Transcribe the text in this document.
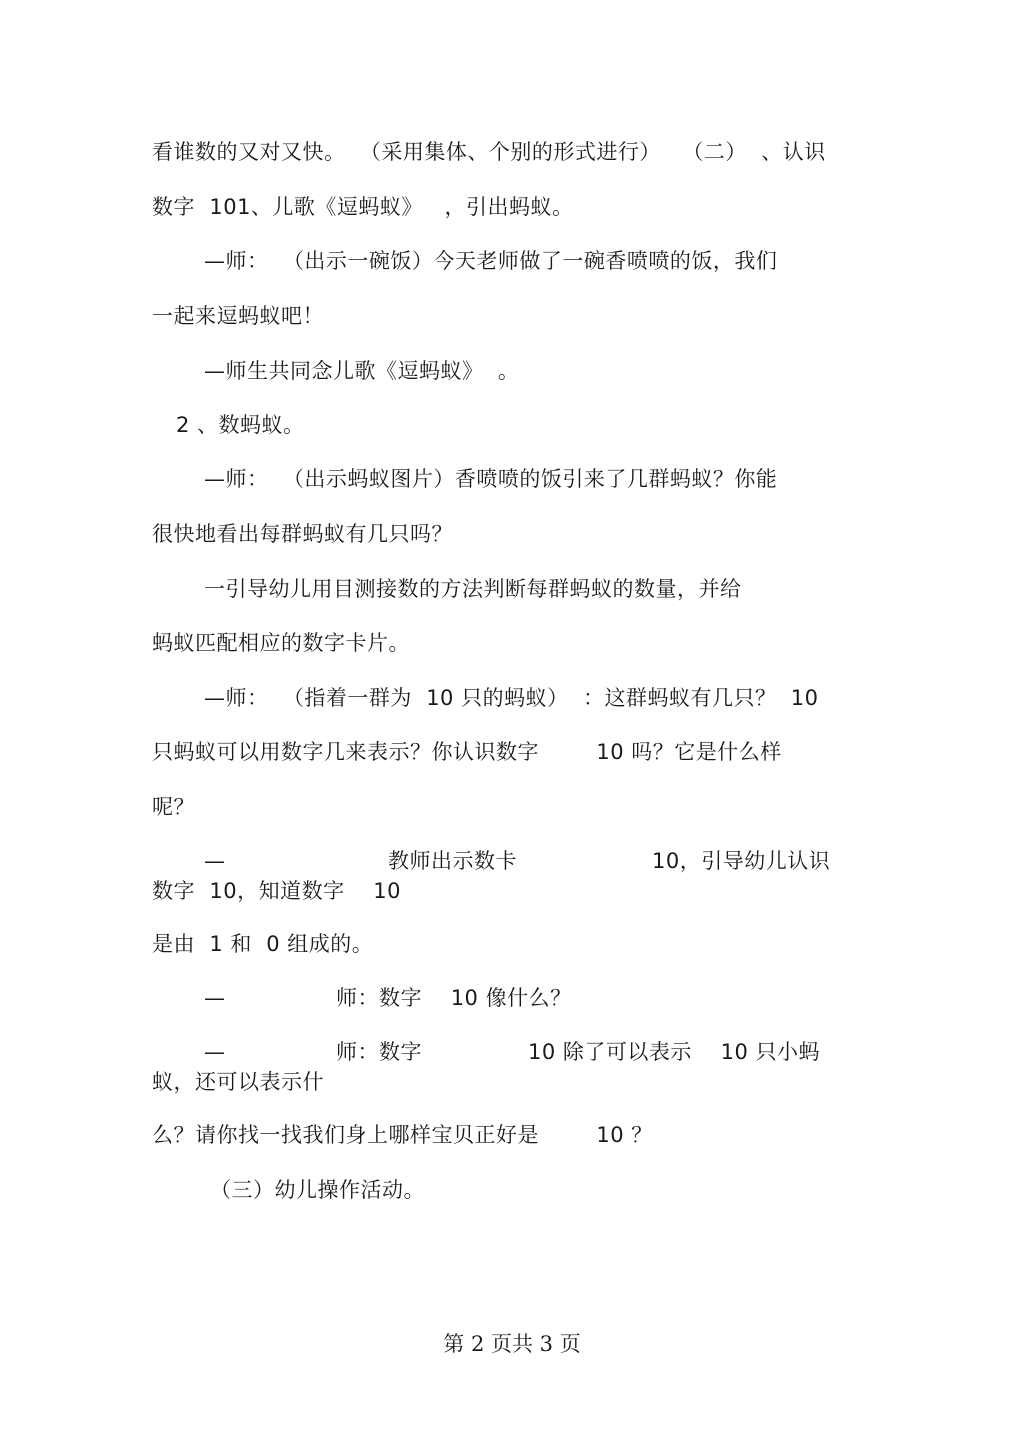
看谁数的又对又快。  （采用集体、个别的形式进行）   （二）  、认识
数字  101、儿歌《逗蚂蚁》   ，引出蚂蚁。
—师：  （出示一碗饭）今天老师做了一碗香喷喷的饭，我们
一起来逗蚂蚁吧！
—师生共同念儿歌《逗蚂蚁》  。
2 、数蚂蚁。
—师：  （出示蚂蚁图片）香喷喷的饭引来了几群蚂蚁？你能
很快地看出每群蚂蚁有几只吗？
一引导幼儿用目测接数的方法判断每群蚂蚁的数量，并给
蚂蚁匹配相应的数字卡片。
—师：  （指着一群为  10 只的蚂蚁）  ：这群蚂蚁有几只？  10
只蚂蚁可以用数字几来表示？你认识数字        10 吗？它是什么样
呢？
—	教师出示数卡	10，引导幼儿认识
数字  10，知道数字    10
是由  1 和  0 组成的。
—	师：数字    10 像什么？
—	师：数字	10 除了可以表示    10 只小蚂
蚁，还可以表示什
么？请你找一找我们身上哪样宝贝正好是        10 ？
（三）幼儿操作活动。
第 2 页共 3 页
